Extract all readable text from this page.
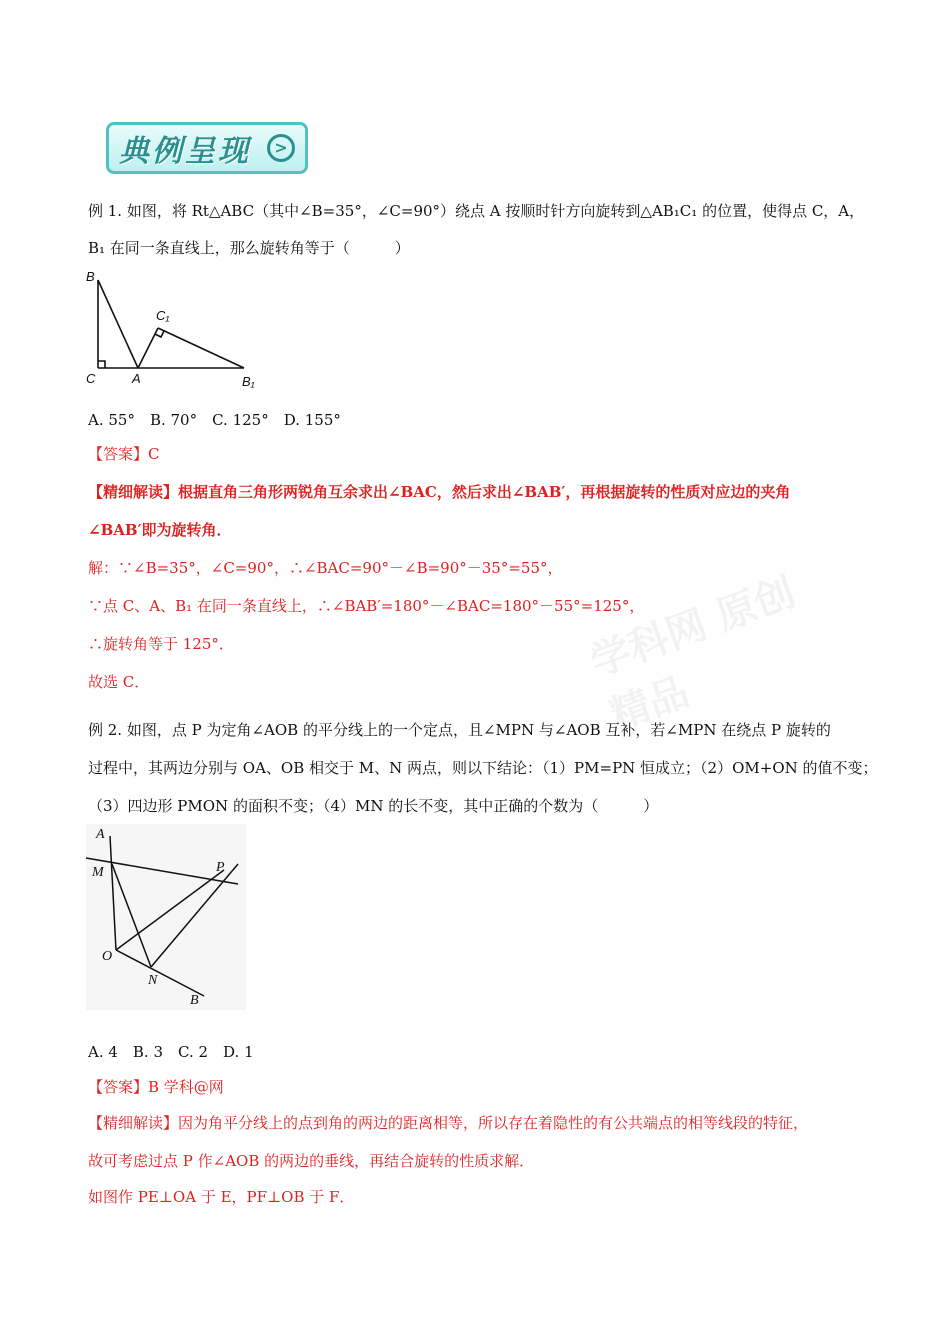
典例呈现	>
例 1. 如图，将 Rt△ABC（其中∠B=35°，∠C=90°）绕点 A 按顺时针方向旋转到△AB₁C₁ 的位置，使得点 C，A，
B₁ 在同一条直线上，那么旋转角等于（　　　）
B
C₁
C	A	B₁
A. 55°　B. 70°　C. 125°　D. 155°
【答案】C
【精细解读】根据直角三角形两锐角互余求出∠BAC，然后求出∠BAB′，再根据旋转的性质对应边的夹角
∠BAB′即为旋转角．
解：∵∠B=35°，∠C=90°，∴∠BAC=90°－∠B=90°－35°=55°，
∵点 C、A、B₁ 在同一条直线上，∴∠BAB′=180°－∠BAC=180°－55°=125°，
∴旋转角等于 125°．
故选 C．	学科网 原创精品
例 2. 如图，点 P 为定角∠AOB 的平分线上的一个定点，且∠MPN 与∠AOB 互补，若∠MPN 在绕点 P 旋转的
过程中，其两边分别与 OA、OB 相交于 M、N 两点，则以下结论：（1）PM=PN 恒成立；（2）OM+ON 的值不变；
（3）四边形 PMON 的面积不变；（4）MN 的长不变，其中正确的个数为（　　　）
A
M	P
O
N
B
A. 4　B. 3　C. 2　D. 1
【答案】B 学科@网
【精细解读】因为角平分线上的点到角的两边的距离相等，所以存在着隐性的有公共端点的相等线段的特征，
故可考虑过点 P 作∠AOB 的两边的垂线，再结合旋转的性质求解．
如图作 PE⊥OA 于 E，PF⊥OB 于 F．
